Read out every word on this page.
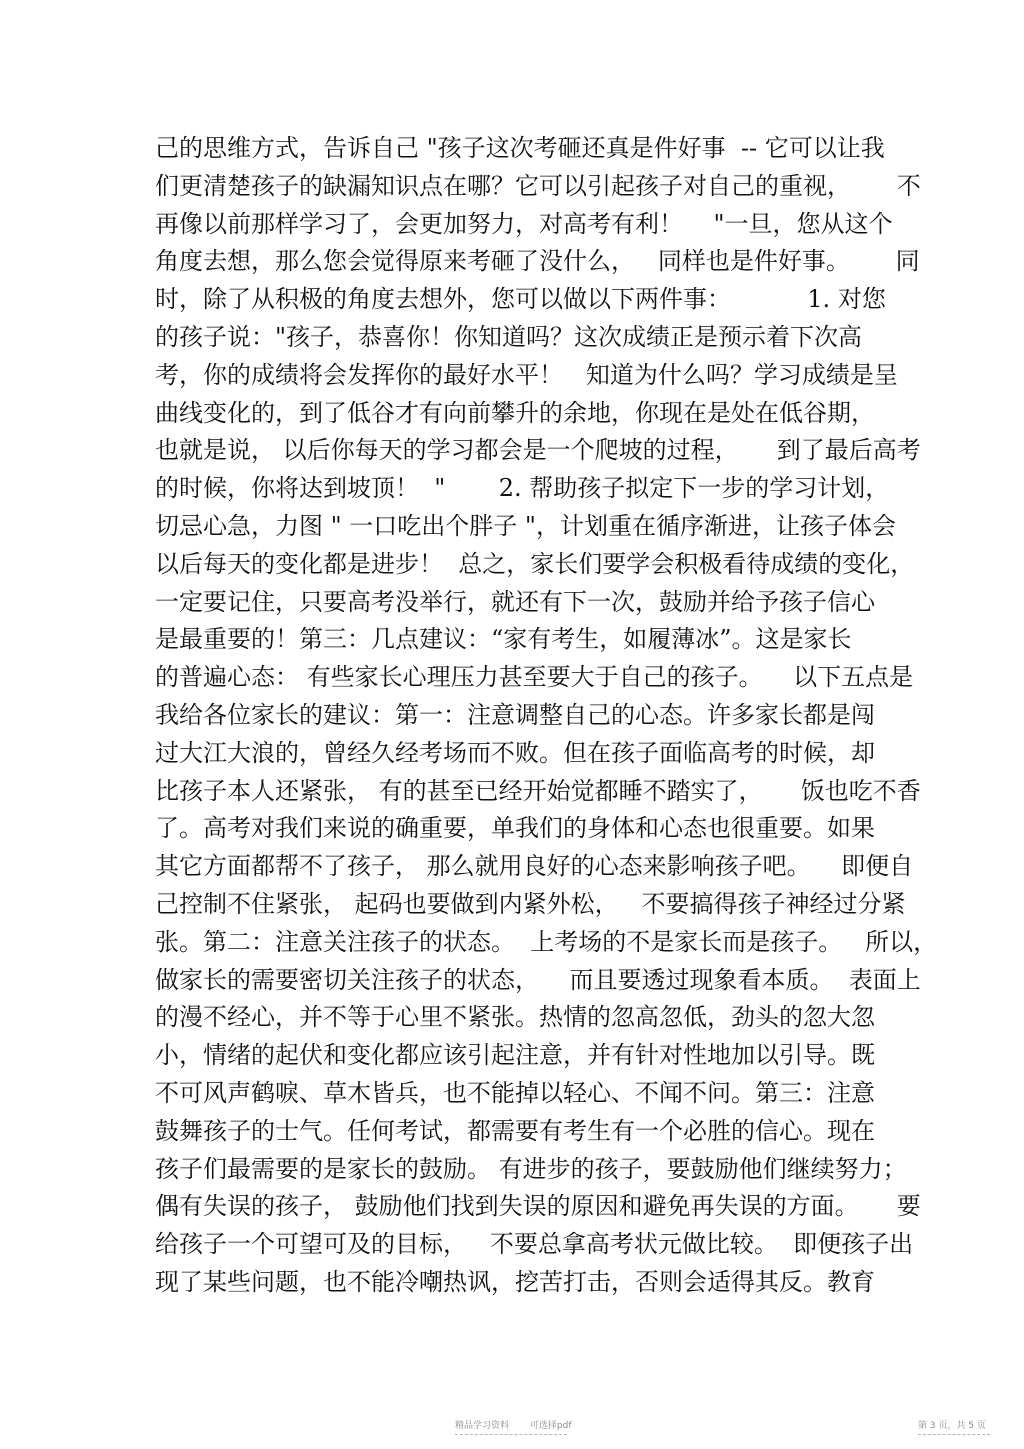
己的思维方式，告诉自己 "孩子这次考砸还真是件好事  -- 它可以让我
们更清楚孩子的缺漏知识点在哪？它可以引起孩子对自己的重视，      不
再像以前那样学习了，会更加努力，对高考有利！    "一旦，您从这个
角度去想，那么您会觉得原来考砸了没什么，   同样也是件好事。      同
时，除了从积极的角度去想外，您可以做以下两件事：          1. 对您
的孩子说："孩子，恭喜你！你知道吗？这次成绩正是预示着下次高
考，你的成绩将会发挥你的最好水平！   知道为什么吗？学习成绩是呈
曲线变化的，到了低谷才有向前攀升的余地，你现在是处在低谷期，
也就是说， 以后你每天的学习都会是一个爬坡的过程，     到了最后高考
的时候，你将达到坡顶！  "       2. 帮助孩子拟定下一步的学习计划，
切忌心急，力图 " 一口吃出个胖子 "，计划重在循序渐进，让孩子体会
以后每天的变化都是进步！  总之，家长们要学会积极看待成绩的变化，
一定要记住，只要高考没举行，就还有下一次，鼓励并给予孩子信心
是最重要的！第三：几点建议：“家有考生，如履薄冰”。这是家长
的普遍心态： 有些家长心理压力甚至要大于自己的孩子。    以下五点是
我给各位家长的建议：第一：注意调整自己的心态。许多家长都是闯
过大江大浪的，曾经久经考场而不败。但在孩子面临高考的时候，却
比孩子本人还紧张， 有的甚至已经开始觉都睡不踏实了，     饭也吃不香
了。高考对我们来说的确重要，单我们的身体和心态也很重要。如果
其它方面都帮不了孩子， 那么就用良好的心态来影响孩子吧。    即便自
己控制不住紧张， 起码也要做到内紧外松，   不要搞得孩子神经过分紧
张。第二：注意关注孩子的状态。  上考场的不是家长而是孩子。   所以，
做家长的需要密切关注孩子的状态，    而且要透过现象看本质。  表面上
的漫不经心，并不等于心里不紧张。热情的忽高忽低，劲头的忽大忽
小，情绪的起伏和变化都应该引起注意，并有针对性地加以引导。既
不可风声鹤唳、草木皆兵，也不能掉以轻心、不闻不问。第三：注意
鼓舞孩子的士气。任何考试，都需要有考生有一个必胜的信心。现在
孩子们最需要的是家长的鼓励。 有进步的孩子，要鼓励他们继续努力；
偶有失误的孩子， 鼓励他们找到失误的原因和避免再失误的方面。     要
给孩子一个可望可及的目标，   不要总拿高考状元做比较。  即便孩子出
现了某些问题，也不能冷嘲热讽，挖苦打击，否则会适得其反。教育
精品学习资料 可选择pdf	第 3 页，共 5 页
